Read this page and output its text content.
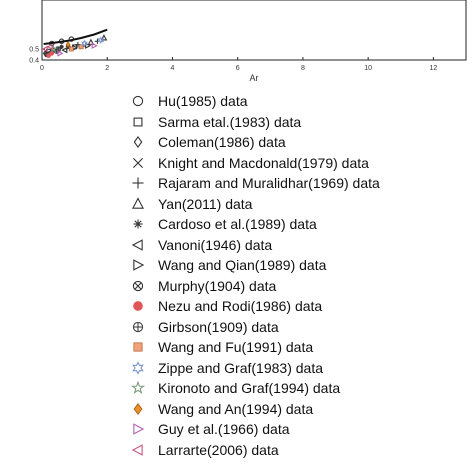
0	2	4	6	8	10	12
0.4
0.5
Ar
Hu(1985) data
Sarma etal.(1983) data
Coleman(1986) data
Knight and Macdonald(1979) data
Rajaram and Muralidhar(1969) data
Yan(2011) data
Cardoso et al.(1989) data
Vanoni(1946) data
Wang and Qian(1989) data
Murphy(1904) data
Nezu and Rodi(1986) data
Girbson(1909) data
Wang and Fu(1991) data
Zippe and Graf(1983) data
Kironoto and Graf(1994) data
Wang and An(1994) data
Guy et al.(1966) data
Larrarte(2006) data
